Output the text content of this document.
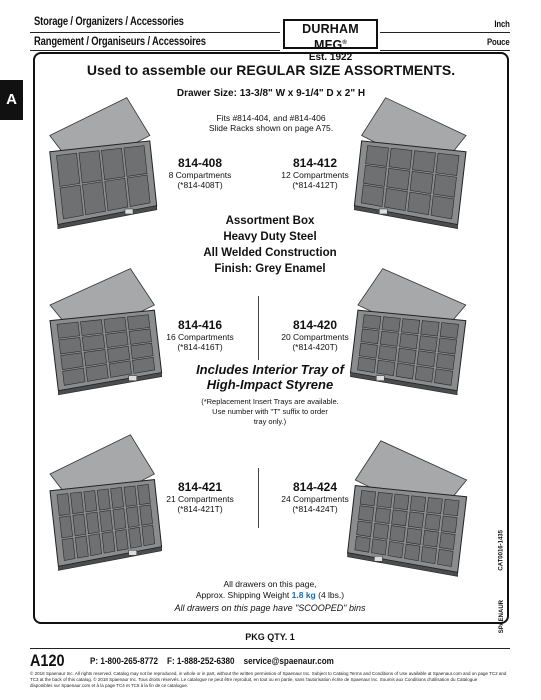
Storage / Organizers / Accessories
Rangement / Organiseurs / Accessoires
Inch
Pouce
DURHAM MFG®
Est. 1922
A
Used to assemble our REGULAR SIZE ASSORTMENTS.
Drawer Size: 13-3/8" W x 9-1/4" D x 2" H
Fits #814-404, and #814-406
Slide Racks shown on page A75.
814-408
8 Compartments
(*814-408T)
814-412
12 Compartments
(*814-412T)
Assortment Box
Heavy Duty Steel
All Welded Construction
Finish: Grey Enamel
814-416
16 Compartments
(*814-416T)
814-420
20 Compartments
(*814-420T)
Includes Interior Tray of
High-Impact Styrene
(*Replacement Insert Trays are available.
Use number with "T" suffix to order
tray only.)
814-421
21 Compartments
(*814-421T)
814-424
24 Compartments
(*814-424T)
All drawers on this page,
Approx. Shipping Weight 1.8 kg (4 lbs.)
All drawers on this page have "SCOOPED" bins
PKG QTY. 1
A120	P: 1-800-265-8772 F: 1-888-252-6380 service@spaenaur.com
© 2018 Spaenaur Inc. All rights reserved. Catalog may not be reproduced, in whole or in part, without the written permission of Spaenaur Inc. Subject to Catalog Terms and Conditions of Use available at Spaenaur.com and on page TC2 and
TC3 at the back of this catalog. © 2018 Spaenaur Inc. Tous droits réservés. Le catalogue ne peut être reproduit, en tout ou en partie, sans l'autorisation écrite de Spaenaur Inc. Soumis aux Conditions d'utilisation du Catalogue
disponibles sur Spaenaur.com et à la page TC4 et TC5 à la fin de ce catalogue.
CAT0016-1435
SPAENAUR
